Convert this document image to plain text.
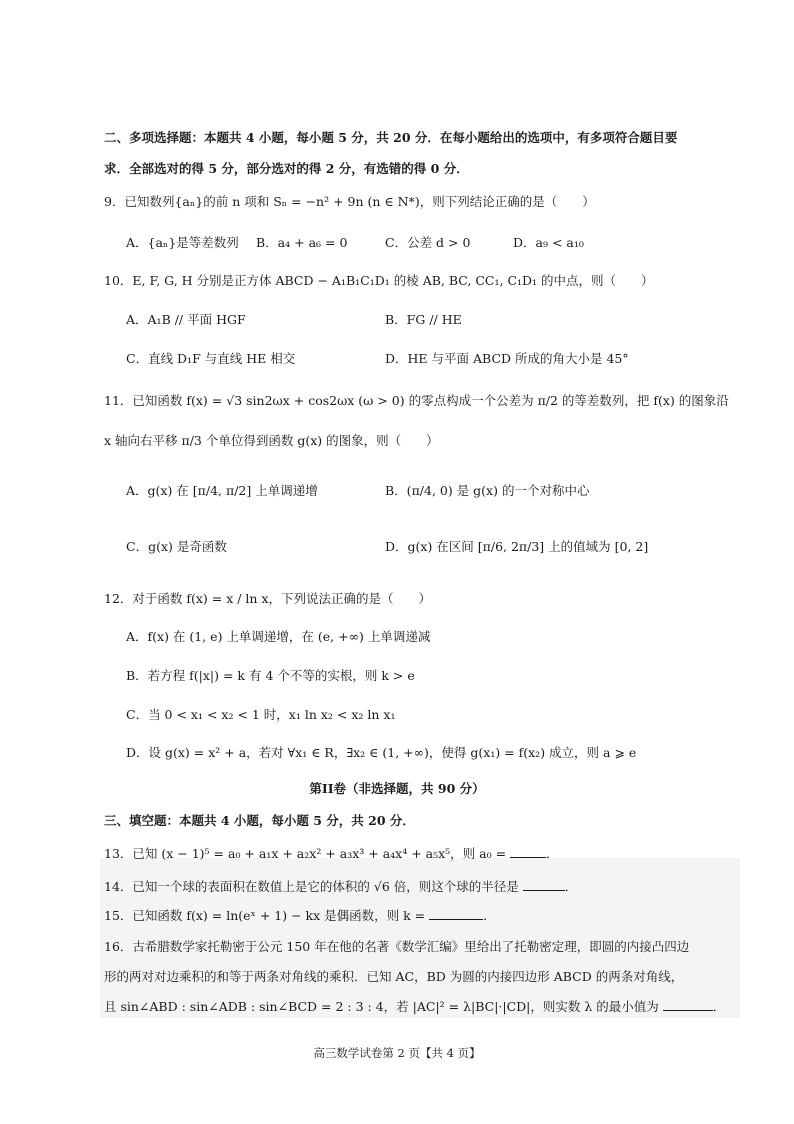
二、多项选择题：本题共 4 小题，每小题 5 分，共 20 分．在每小题给出的选项中，有多项符合题目要
求．全部选对的得 5 分，部分选对的得 2 分，有选错的得 0 分．
9．已知数列{aₙ}的前 n 项和 Sₙ = −n² + 9n (n ∈ N*)，则下列结论正确的是（　　）
A．{aₙ}是等差数列 B．a₄ + a₆ = 0	C．公差 d > 0	D．a₉ < a₁₀
10．E, F, G, H 分别是正方体 ABCD − A₁B₁C₁D₁ 的棱 AB, BC, CC₁, C₁D₁ 的中点，则（　　）
A．A₁B // 平面 HGF	B．FG // HE
C．直线 D₁F 与直线 HE 相交	D．HE 与平面 ABCD 所成的角大小是 45°
11．已知函数 f(x) = √3 sin2ωx + cos2ωx (ω > 0) 的零点构成一个公差为 π/2 的等差数列，把 f(x) 的图象沿
x 轴向右平移 π/3 个单位得到函数 g(x) 的图象，则（　　）
A．g(x) 在 [π/4, π/2] 上单调递增	B．(π/4, 0) 是 g(x) 的一个对称中心
C．g(x) 是奇函数	D．g(x) 在区间 [π/6, 2π/3] 上的值域为 [0, 2]
12．对于函数 f(x) = x / ln x，下列说法正确的是（　　）
A．f(x) 在 (1, e) 上单调递增，在 (e, +∞) 上单调递减
B．若方程 f(|x|) = k 有 4 个不等的实根，则 k > e
C．当 0 < x₁ < x₂ < 1 时，x₁ ln x₂ < x₂ ln x₁
D．设 g(x) = x² + a，若对 ∀x₁ ∈ R，∃x₂ ∈ (1, +∞)，使得 g(x₁) = f(x₂) 成立，则 a ⩾ e
第II卷（非选择题，共 90 分）
三、填空题：本题共 4 小题，每小题 5 分，共 20 分．
13．已知 (x − 1)⁵ = a₀ + a₁x + a₂x² + a₃x³ + a₄x⁴ + a₅x⁵，则 a₀ =	．
14．已知一个球的表面积在数值上是它的体积的 √6 倍，则这个球的半径是	．
15．已知函数 f(x) = ln(eˣ + 1) − kx 是偶函数，则 k =	．
16．古希腊数学家托勒密于公元 150 年在他的名著《数学汇编》里给出了托勒密定理，即圆的内接凸四边
形的两对对边乘积的和等于两条对角线的乘积．已知 AC，BD 为圆的内接四边形 ABCD 的两条对角线，
且 sin∠ABD : sin∠ADB : sin∠BCD = 2 : 3 : 4，若 |AC|² = λ|BC|·|CD|，则实数 λ 的最小值为	．
高三数学试卷第 2 页【共 4 页】
